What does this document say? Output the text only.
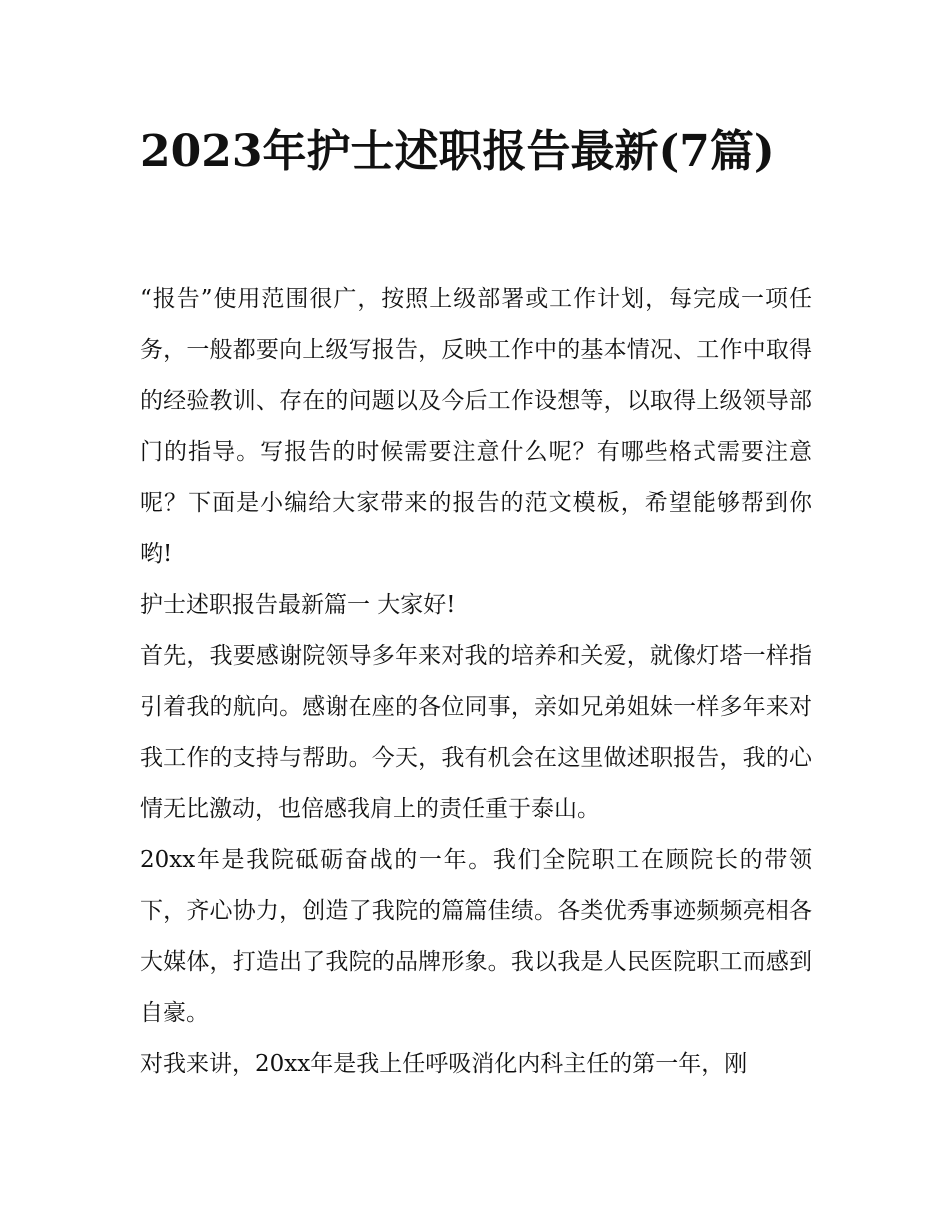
2023年护士述职报告最新(7篇)

“报告”使用范围很广，按照上级部署或工作计划，每完成一项任务，一般都要向上级写报告，反映工作中的基本情况、工作中取得的经验教训、存在的问题以及今后工作设想等，以取得上级领导部门的指导。写报告的时候需要注意什么呢？有哪些格式需要注意呢？下面是小编给大家带来的报告的范文模板，希望能够帮到你哟!

护士述职报告最新篇一 大家好!

首先，我要感谢院领导多年来对我的培养和关爱，就像灯塔一样指引着我的航向。感谢在座的各位同事，亲如兄弟姐妹一样多年来对我工作的支持与帮助。今天，我有机会在这里做述职报告，我的心情无比激动，也倍感我肩上的责任重于泰山。

20xx年是我院砥砺奋战的一年。我们全院职工在顾院长的带领下，齐心协力，创造了我院的篇篇佳绩。各类优秀事迹频频亮相各大媒体，打造出了我院的品牌形象。我以我是人民医院职工而感到自豪。

对我来讲，20xx年是我上任呼吸消化内科主任的第一年，刚
